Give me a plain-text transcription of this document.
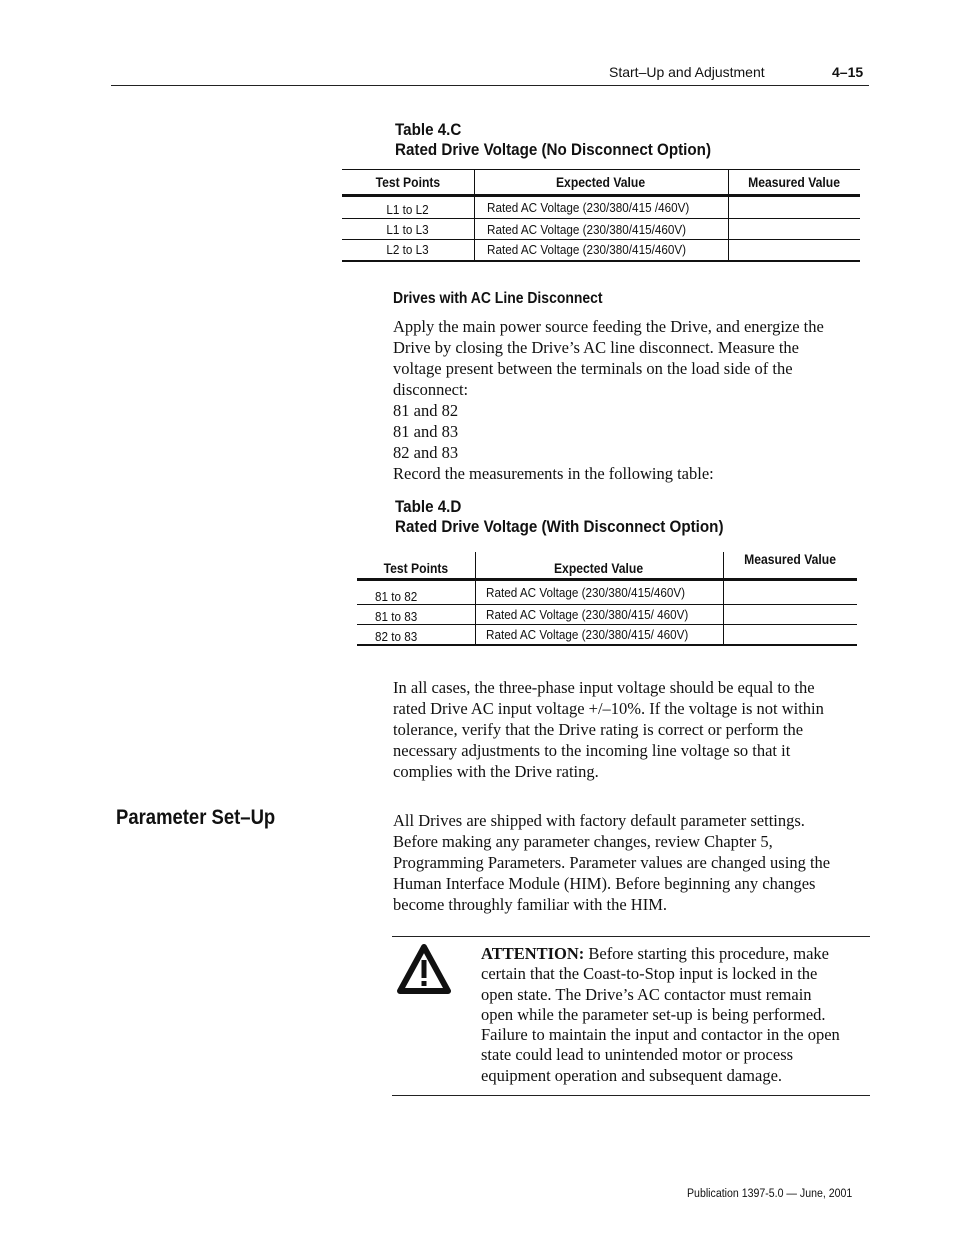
Start–Up and Adjustment	4–15
Table 4.C
Rated Drive Voltage (No Disconnect Option)
Test Points	Expected Value	Measured Value
L1 to L2	Rated AC Voltage (230/380/415 /460V)	
L1 to L3	Rated AC Voltage (230/380/415/460V)	
L2 to L3	Rated AC Voltage (230/380/415/460V)	
Drives with AC Line Disconnect
Apply the main power source feeding the Drive, and energize the
Drive by closing the Drive’s AC line disconnect. Measure the
voltage present between the terminals on the load side of the
disconnect:
81 and 82
81 and 83
82 and 83
Record the measurements in the following table:
Table 4.D
Rated Drive Voltage (With Disconnect Option)
Test Points	Expected Value	Measured Value
81 to 82	Rated AC Voltage (230/380/415/460V)	
81 to 83	Rated AC Voltage (230/380/415/ 460V)	
82 to 83	Rated AC Voltage (230/380/415/ 460V)	
In all cases, the three-phase input voltage should be equal to the
rated Drive AC input voltage +/–10%. If the voltage is not within
tolerance, verify that the Drive rating is correct or perform the
necessary adjustments to the incoming line voltage so that it
complies with the Drive rating.
Parameter Set–Up	All Drives are shipped with factory default parameter settings.
Before making any parameter changes, review Chapter 5,
Programming Parameters. Parameter values are changed using the
Human Interface Module (HIM). Before beginning any changes
become throughly familiar with the HIM.
ATTENTION: Before starting this procedure, make
certain that the Coast-to-Stop input is locked in the
open state. The Drive’s AC contactor must remain
open while the parameter set-up is being performed.
Failure to maintain the input and contactor in the open
state could lead to unintended motor or process
equipment operation and subsequent damage.
Publication 1397-5.0 — June, 2001
